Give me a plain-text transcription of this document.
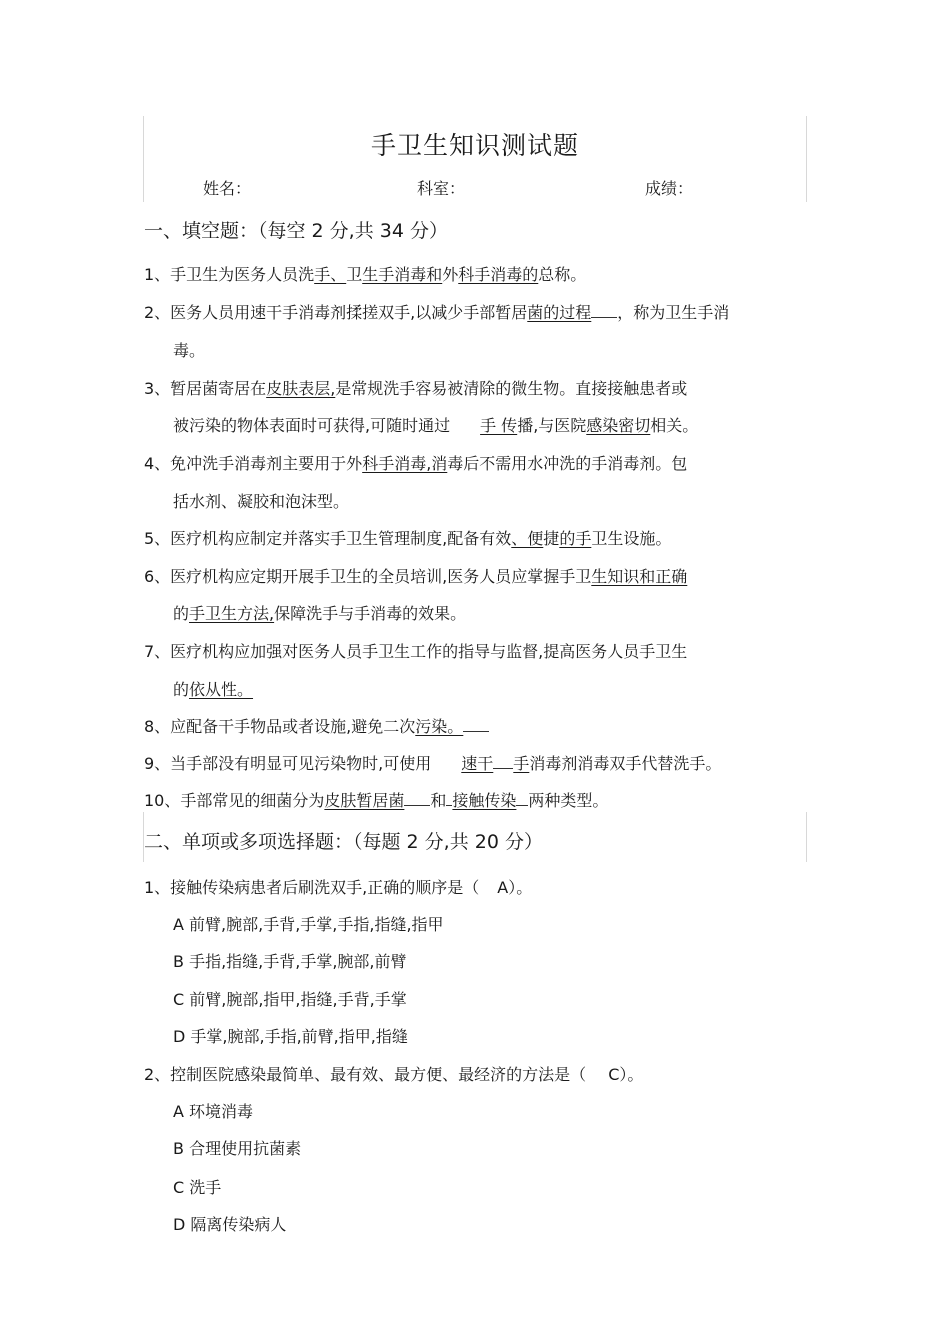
手卫生知识测试题
姓名：	科室：	成绩：
一、填空题：（每空 2 分,共 34 分）
1、手卫生为医务人员洗手、卫生手消毒和外科手消毒的总称。
2、医务人员用速干手消毒剂揉搓双手,以减少手部暂居菌的过程 ，称为卫生手消
毒。
3、暂居菌寄居在皮肤表层,是常规洗手容易被清除的微生物。直接接触患者或
被污染的物体表面时可获得,可随时通过 手 传播,与医院感染密切相关。
4、免冲洗手消毒剂主要用于外科手消毒,消毒后不需用水冲洗的手消毒剂。包
括水剂、凝胶和泡沫型。
5、医疗机构应制定并落实手卫生管理制度,配备有效、便捷的手卫生设施。
6、医疗机构应定期开展手卫生的全员培训,医务人员应掌握手卫生知识和正确
的手卫生方法,保障洗手与手消毒的效果。
7、医疗机构应加强对医务人员手卫生工作的指导与监督,提高医务人员手卫生
的依从性。
8、应配备干手物品或者设施,避免二次污染。
9、当手部没有明显可见污染物时,可使用 速干 手消毒剂消毒双手代替洗手。
10、手部常见的细菌分为皮肤暂居菌 和 接触传染 两种类型。
二、单项或多项选择题：（每题 2 分,共 20 分）
1、接触传染病患者后刷洗双手,正确的顺序是（ A）。
A 前臂,腕部,手背,手掌,手指,指缝,指甲
B 手指,指缝,手背,手掌,腕部,前臂
C 前臂,腕部,指甲,指缝,手背,手掌
D 手掌,腕部,手指,前臂,指甲,指缝
2、控制医院感染最简单、最有效、最方便、最经济的方法是（ C）。
A 环境消毒
B 合理使用抗菌素
C 洗手
D 隔离传染病人
